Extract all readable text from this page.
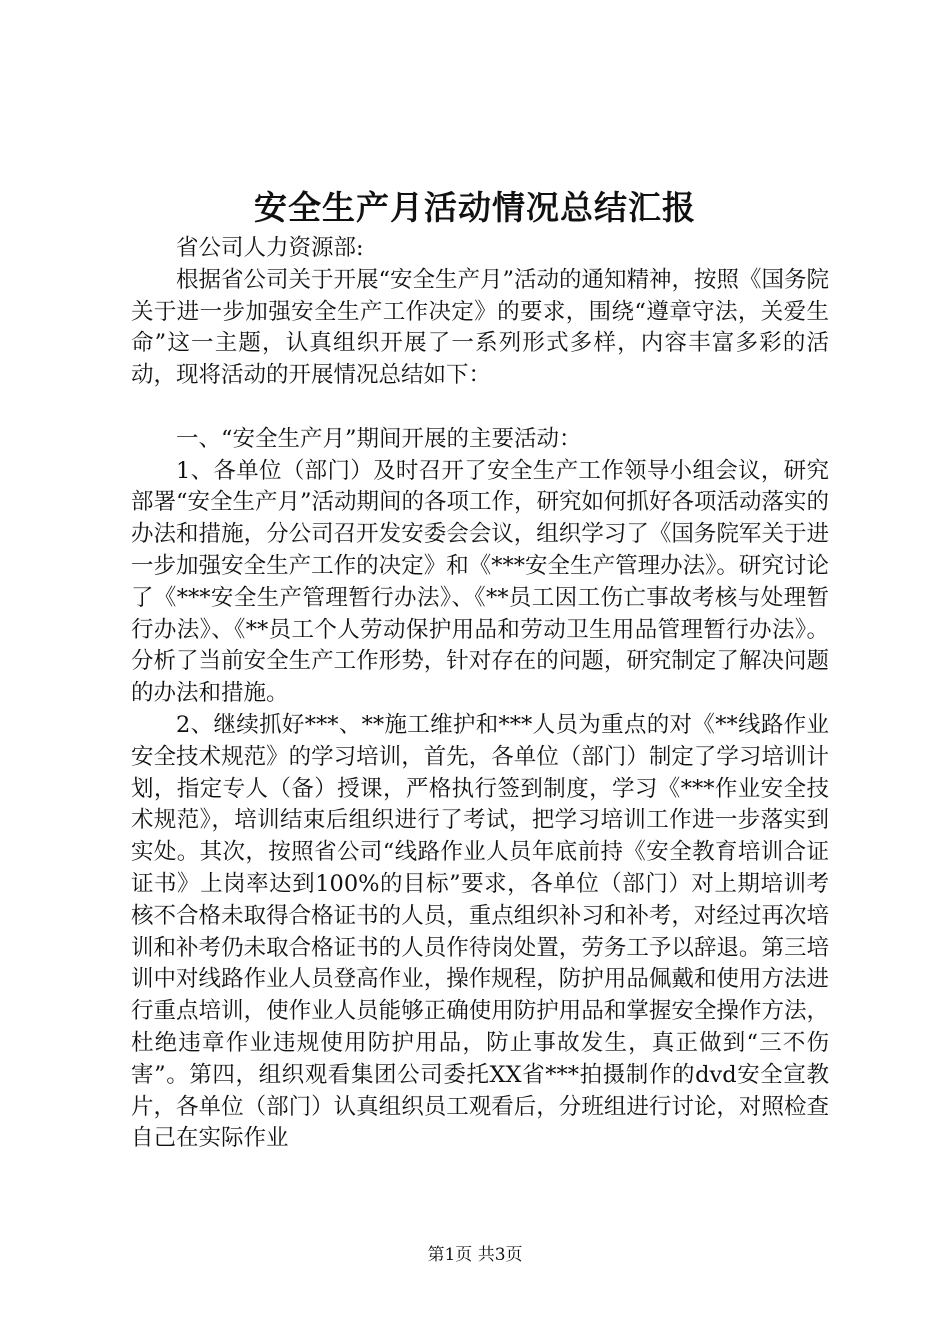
安全生产月活动情况总结汇报

省公司人力资源部:

根据省公司关于开展“安全生产月”活动的通知精神，按照《国务院关于进一步加强安全生产工作决定》的要求，围绕“遵章守法，关爱生命”这一主题，认真组织开展了一系列形式多样，内容丰富多彩的活动，现将活动的开展情况总结如下：

一、“安全生产月”期间开展的主要活动：

1、各单位（部门）及时召开了安全生产工作领导小组会议，研究部署“安全生产月”活动期间的各项工作，研究如何抓好各项活动落实的办法和措施，分公司召开发安委会会议，组织学习了《国务院军关于进一步加强安全生产工作的决定》和《***安全生产管理办法》。研究讨论了《***安全生产管理暂行办法》、《**员工因工伤亡事故考核与处理暂行办法》、《**员工个人劳动保护用品和劳动卫生用品管理暂行办法》。分析了当前安全生产工作形势，针对存在的问题，研究制定了解决问题的办法和措施。

2、继续抓好***、**施工维护和***人员为重点的对《**线路作业安全技术规范》的学习培训，首先，各单位（部门）制定了学习培训计划，指定专人（备）授课，严格执行签到制度，学习《***作业安全技术规范》，培训结束后组织进行了考试，把学习培训工作进一步落实到实处。其次，按照省公司“线路作业人员年底前持《安全教育培训合证证书》上岗率达到100%的目标”要求，各单位（部门）对上期培训考核不合格未取得合格证书的人员，重点组织补习和补考，对经过再次培训和补考仍未取合格证书的人员作待岗处置，劳务工予以辞退。第三培训中对线路作业人员登高作业，操作规程，防护用品佩戴和使用方法进行重点培训，使作业人员能够正确使用防护用品和掌握安全操作方法，杜绝违章作业违规使用防护用品，防止事故发生，真正做到“三不伤害”。第四，组织观看集团公司委托XX省***拍摄制作的dvd安全宣教片，各单位（部门）认真组织员工观看后，分班组进行讨论，对照检查自己在实际作业

第1页 共3页
